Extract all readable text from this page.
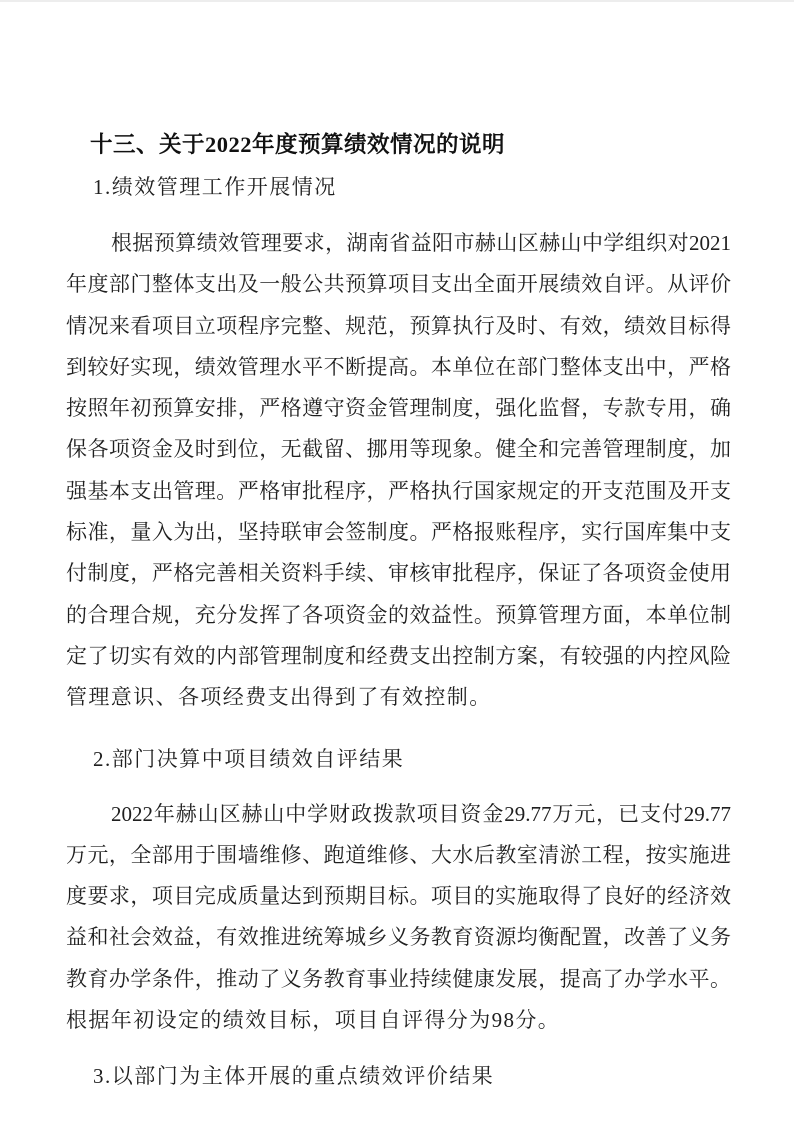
十三、关于2022年度预算绩效情况的说明
1.绩效管理工作开展情况
根据预算绩效管理要求，湖南省益阳市赫山区赫山中学组织对2021
年度部门整体支出及一般公共预算项目支出全面开展绩效自评。从评价
情况来看项目立项程序完整、规范，预算执行及时、有效，绩效目标得
到较好实现，绩效管理水平不断提高。本单位在部门整体支出中，严格
按照年初预算安排，严格遵守资金管理制度，强化监督，专款专用，确
保各项资金及时到位，无截留、挪用等现象。健全和完善管理制度，加
强基本支出管理。严格审批程序，严格执行国家规定的开支范围及开支
标准，量入为出，坚持联审会签制度。严格报账程序，实行国库集中支
付制度，严格完善相关资料手续、审核审批程序，保证了各项资金使用
的合理合规，充分发挥了各项资金的效益性。预算管理方面，本单位制
定了切实有效的内部管理制度和经费支出控制方案，有较强的内控风险
管理意识、各项经费支出得到了有效控制。
2.部门决算中项目绩效自评结果
2022年赫山区赫山中学财政拨款项目资金29.77万元，已支付29.77
万元，全部用于围墙维修、跑道维修、大水后教室清淤工程，按实施进
度要求，项目完成质量达到预期目标。项目的实施取得了良好的经济效
益和社会效益，有效推进统筹城乡义务教育资源均衡配置，改善了义务
教育办学条件，推动了义务教育事业持续健康发展，提高了办学水平。
根据年初设定的绩效目标，项目自评得分为98分。
3.以部门为主体开展的重点绩效评价结果
